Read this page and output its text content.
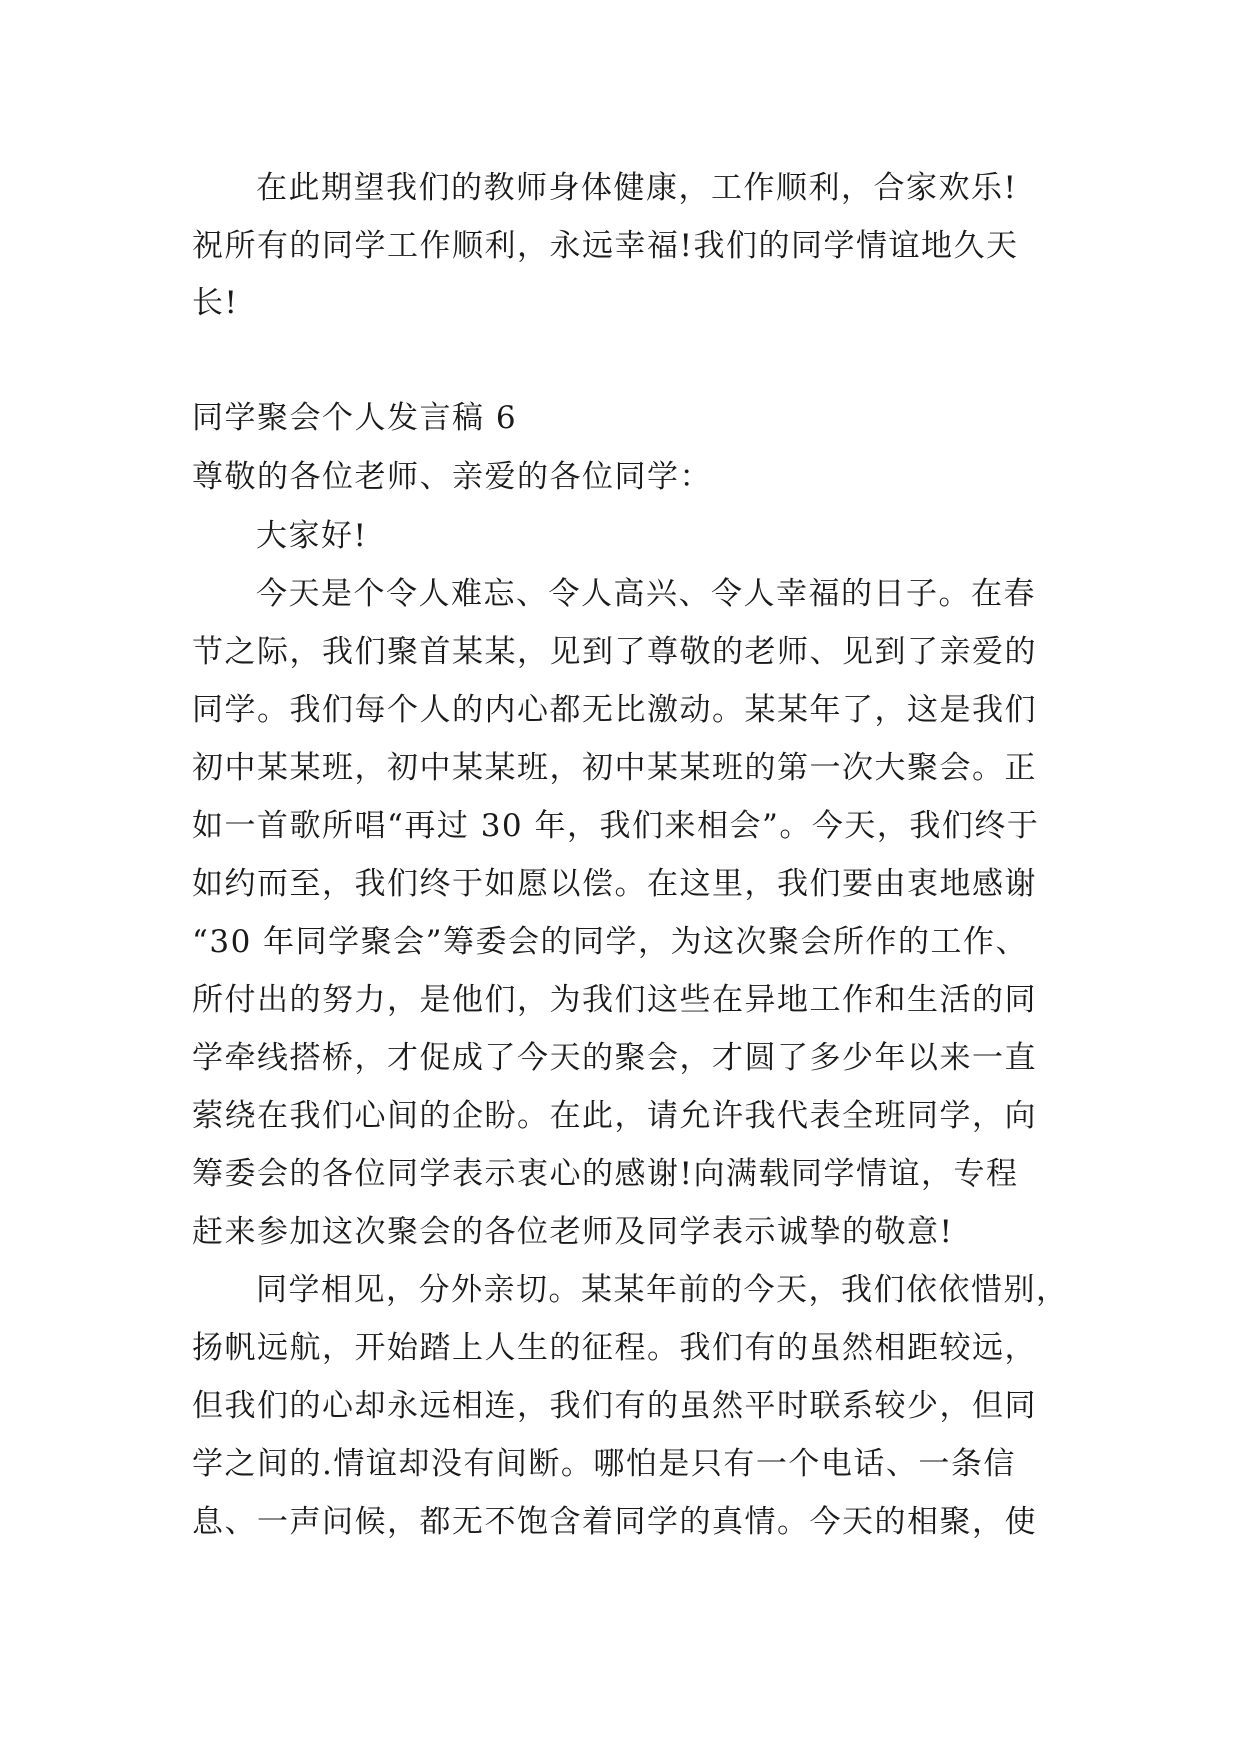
在此期望我们的教师身体健康，工作顺利，合家欢乐!
祝所有的同学工作顺利，永远幸福!我们的同学情谊地久天
长!
同学聚会个人发言稿 6
尊敬的各位老师、亲爱的各位同学：
大家好!
今天是个令人难忘、令人高兴、令人幸福的日子。在春
节之际，我们聚首某某，见到了尊敬的老师、见到了亲爱的
同学。我们每个人的内心都无比激动。某某年了，这是我们
初中某某班，初中某某班，初中某某班的第一次大聚会。正
如一首歌所唱“再过 30 年，我们来相会”。今天，我们终于
如约而至，我们终于如愿以偿。在这里，我们要由衷地感谢
“30 年同学聚会”筹委会的同学，为这次聚会所作的工作、
所付出的努力，是他们，为我们这些在异地工作和生活的同
学牵线搭桥，才促成了今天的聚会，才圆了多少年以来一直
萦绕在我们心间的企盼。在此，请允许我代表全班同学，向
筹委会的各位同学表示衷心的感谢!向满载同学情谊，专程
赶来参加这次聚会的各位老师及同学表示诚挚的敬意!
同学相见，分外亲切。某某年前的今天，我们依依惜别，
扬帆远航，开始踏上人生的征程。我们有的虽然相距较远，
但我们的心却永远相连，我们有的虽然平时联系较少，但同
学之间的.情谊却没有间断。哪怕是只有一个电话、一条信
息、一声问候，都无不饱含着同学的真情。今天的相聚，使
